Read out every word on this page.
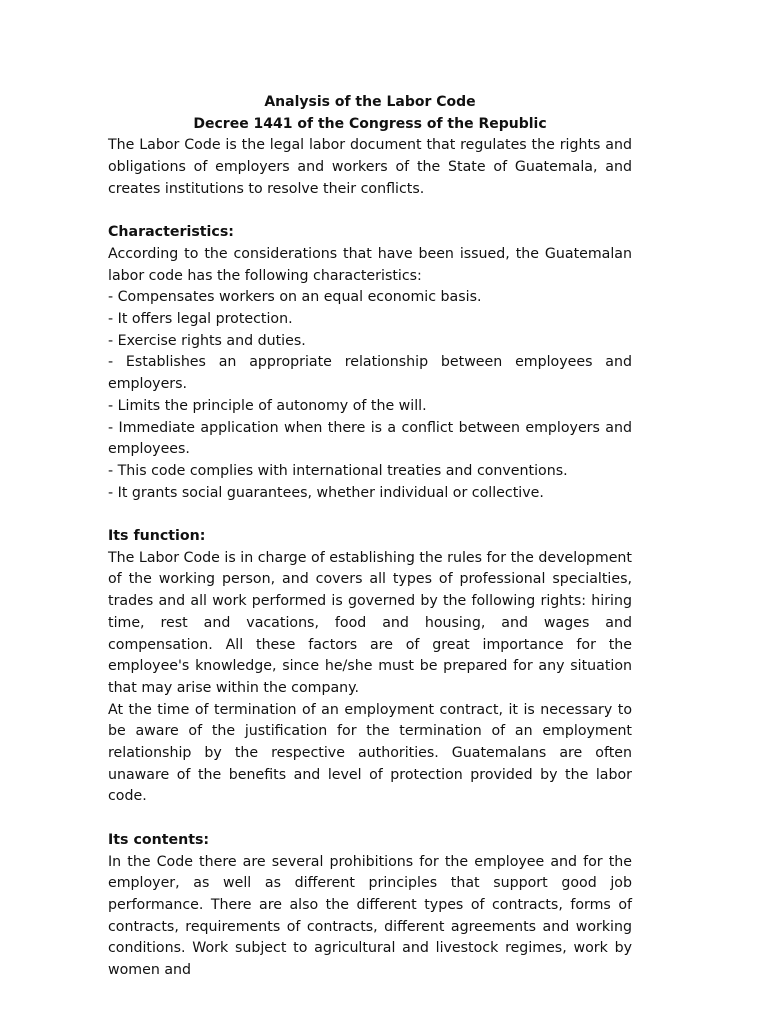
Analysis of the Labor Code

Decree 1441 of the Congress of the Republic

The Labor Code is the legal labor document that regulates the rights and obligations of employers and workers of the State of Guatemala, and creates institutions to resolve their conflicts.

Characteristics:

According to the considerations that have been issued, the Guatemalan labor code has the following characteristics:

- Compensates workers on an equal economic basis.
- It offers legal protection.
- Exercise rights and duties.
- Establishes an appropriate relationship between employees and employers.
- Limits the principle of autonomy of the will.
- Immediate application when there is a conflict between employers and employees.
- This code complies with international treaties and conventions.
- It grants social guarantees, whether individual or collective.

Its function:

The Labor Code is in charge of establishing the rules for the development of the working person, and covers all types of professional specialties, trades and all work performed is governed by the following rights: hiring time, rest and vacations, food and housing, and wages and compensation. All these factors are of great importance for the employee's knowledge, since he/she must be prepared for any situation that may arise within the company.

At the time of termination of an employment contract, it is necessary to be aware of the justification for the termination of an employment relationship by the respective authorities. Guatemalans are often unaware of the benefits and level of protection provided by the labor code.

Its contents:

In the Code there are several prohibitions for the employee and for the employer, as well as different principles that support good job performance. There are also the different types of contracts, forms of contracts, requirements of contracts, different agreements and working conditions. Work subject to agricultural and livestock regimes, work by women and
